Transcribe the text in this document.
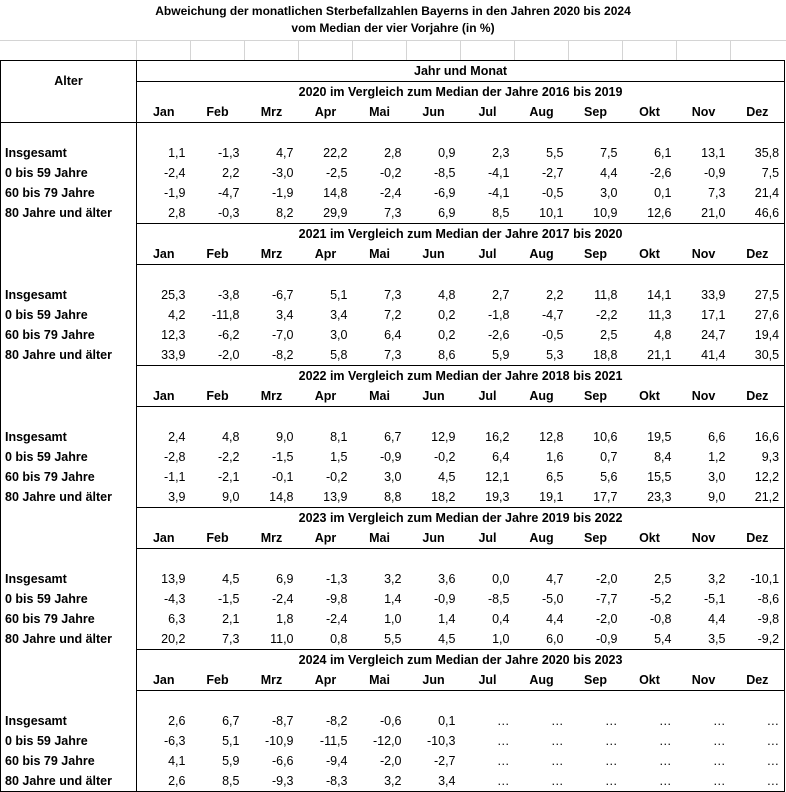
Abweichung der monatlichen Sterbefallzahlen Bayerns in den Jahren 2020 bis 2024
vom Median der vier Vorjahre (in %)
Alter	Jahr und Monat											
	2020 im Vergleich zum Median der Jahre 2016 bis 2019											
	Jan	Feb	Mrz	Apr	Mai	Jun	Jul	Aug	Sep	Okt	Nov	Dez

Insgesamt	1,1	-1,3	4,7	22,2	2,8	0,9	2,3	5,5	7,5	6,1	13,1	35,8
0 bis 59 Jahre	-2,4	2,2	-3,0	-2,5	-0,2	-8,5	-4,1	-2,7	4,4	-2,6	-0,9	7,5
60 bis 79 Jahre	-1,9	-4,7	-1,9	14,8	-2,4	-6,9	-4,1	-0,5	3,0	0,1	7,3	21,4
80 Jahre und älter	2,8	-0,3	8,2	29,9	7,3	6,9	8,5	10,1	10,9	12,6	21,0	46,6
	2021 im Vergleich zum Median der Jahre 2017 bis 2020											
	Jan	Feb	Mrz	Apr	Mai	Jun	Jul	Aug	Sep	Okt	Nov	Dez

Insgesamt	25,3	-3,8	-6,7	5,1	7,3	4,8	2,7	2,2	11,8	14,1	33,9	27,5
0 bis 59 Jahre	4,2	-11,8	3,4	3,4	7,2	0,2	-1,8	-4,7	-2,2	11,3	17,1	27,6
60 bis 79 Jahre	12,3	-6,2	-7,0	3,0	6,4	0,2	-2,6	-0,5	2,5	4,8	24,7	19,4
80 Jahre und älter	33,9	-2,0	-8,2	5,8	7,3	8,6	5,9	5,3	18,8	21,1	41,4	30,5
	2022 im Vergleich zum Median der Jahre 2018 bis 2021											
	Jan	Feb	Mrz	Apr	Mai	Jun	Jul	Aug	Sep	Okt	Nov	Dez

Insgesamt	2,4	4,8	9,0	8,1	6,7	12,9	16,2	12,8	10,6	19,5	6,6	16,6
0 bis 59 Jahre	-2,8	-2,2	-1,5	1,5	-0,9	-0,2	6,4	1,6	0,7	8,4	1,2	9,3
60 bis 79 Jahre	-1,1	-2,1	-0,1	-0,2	3,0	4,5	12,1	6,5	5,6	15,5	3,0	12,2
80 Jahre und älter	3,9	9,0	14,8	13,9	8,8	18,2	19,3	19,1	17,7	23,3	9,0	21,2
	2023 im Vergleich zum Median der Jahre 2019 bis 2022											
	Jan	Feb	Mrz	Apr	Mai	Jun	Jul	Aug	Sep	Okt	Nov	Dez

Insgesamt	13,9	4,5	6,9	-1,3	3,2	3,6	0,0	4,7	-2,0	2,5	3,2	-10,1
0 bis 59 Jahre	-4,3	-1,5	-2,4	-9,8	1,4	-0,9	-8,5	-5,0	-7,7	-5,2	-5,1	-8,6
60 bis 79 Jahre	6,3	2,1	1,8	-2,4	1,0	1,4	0,4	4,4	-2,0	-0,8	4,4	-9,8
80 Jahre und älter	20,2	7,3	11,0	0,8	5,5	4,5	1,0	6,0	-0,9	5,4	3,5	-9,2
	2024 im Vergleich zum Median der Jahre 2020 bis 2023											
	Jan	Feb	Mrz	Apr	Mai	Jun	Jul	Aug	Sep	Okt	Nov	Dez

Insgesamt	2,6	6,7	-8,7	-8,2	-0,6	0,1	…	…	…	…	…	…
0 bis 59 Jahre	-6,3	5,1	-10,9	-11,5	-12,0	-10,3	…	…	…	…	…	…
60 bis 79 Jahre	4,1	5,9	-6,6	-9,4	-2,0	-2,7	…	…	…	…	…	…
80 Jahre und älter	2,6	8,5	-9,3	-8,3	3,2	3,4	…	…	…	…	…	…
